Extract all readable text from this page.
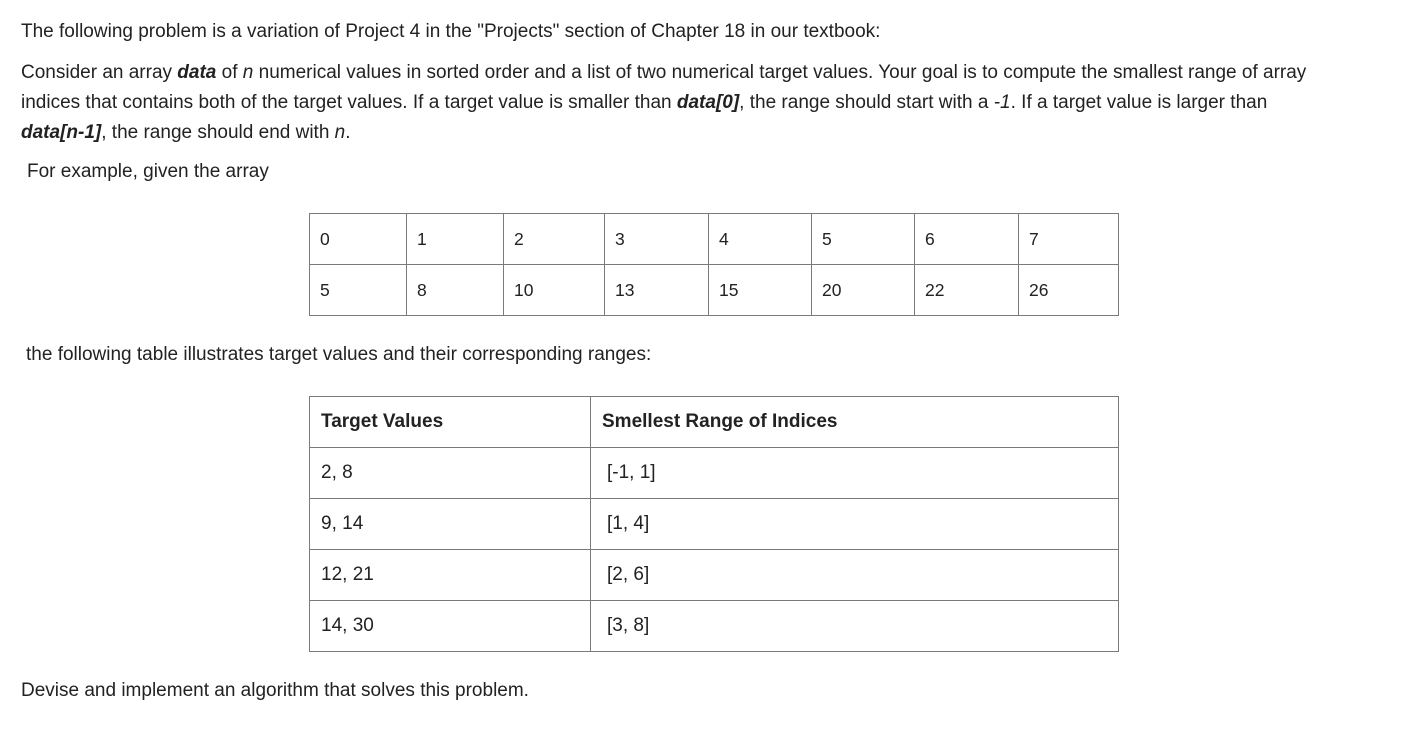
The following problem is a variation of Project 4 in the "Projects" section of Chapter 18 in our textbook:
Consider an array data of n numerical values in sorted order and a list of two numerical target values. Your goal is to compute the smallest range of array
indices that contains both of the target values. If a target value is smaller than data[0], the range should start with a -1. If a target value is larger than
data[n-1], the range should end with n.
For example, given the array
0	1	2	3	4	5	6	7
5	8	10	13	15	20	22	26
the following table illustrates target values and their corresponding ranges:
Target Values	Smellest Range of Indices
2, 8	[-1, 1]
9, 14	[1, 4]
12, 21	[2, 6]
14, 30	[3, 8]
Devise and implement an algorithm that solves this problem.
